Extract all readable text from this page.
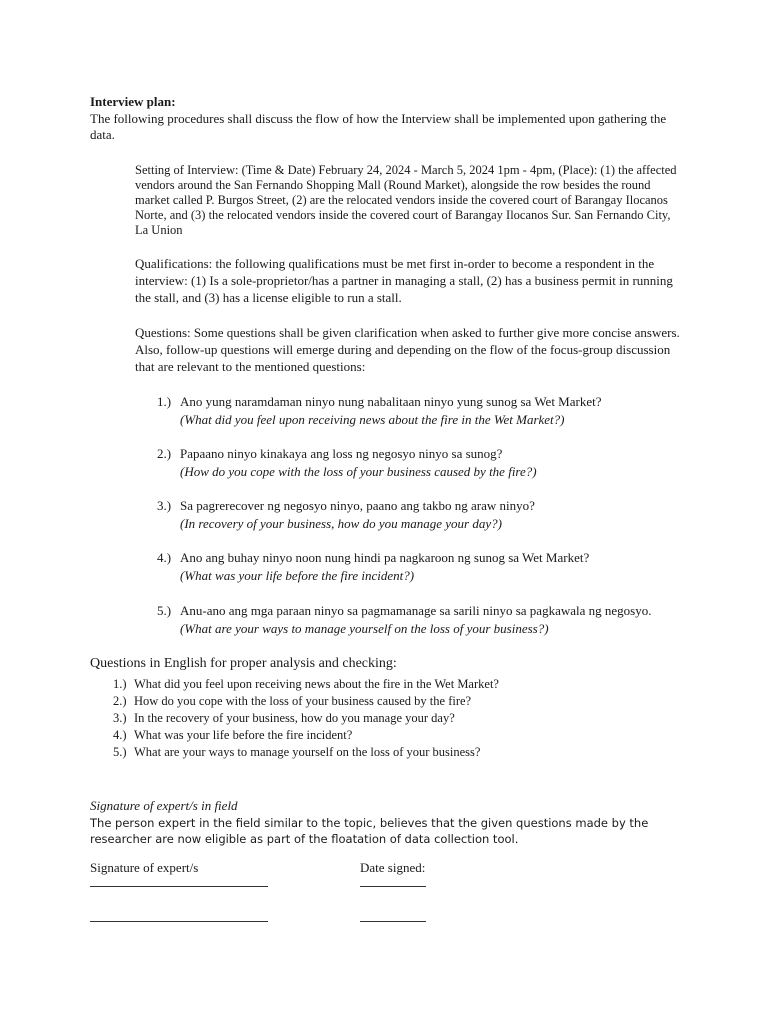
Interview plan:
The following procedures shall discuss the flow of how the Interview shall be implemented upon gathering the data.
Setting of Interview: (Time & Date) February 24, 2024 - March 5, 2024 1pm - 4pm, (Place): (1) the affected vendors around the San Fernando Shopping Mall (Round Market), alongside the row besides the round market called P. Burgos Street, (2) are the relocated vendors inside the covered court of Barangay Ilocanos Norte, and (3) the relocated vendors inside the covered court of Barangay Ilocanos Sur. San Fernando City, La Union
Qualifications: the following qualifications must be met first in-order to become a respondent in the interview: (1) Is a sole-proprietor/has a partner in managing a stall, (2) has a business permit in running the stall, and (3) has a license eligible to run a stall.
Questions: Some questions shall be given clarification when asked to further give more concise answers. Also, follow-up questions will emerge during and depending on the flow of the focus-group discussion that are relevant to the mentioned questions:
1.) Ano yung naramdaman ninyo nung nabalitaan ninyo yung sunog sa Wet Market?
(What did you feel upon receiving news about the fire in the Wet Market?)
2.) Papaano ninyo kinakaya ang loss ng negosyo ninyo sa sunog?
(How do you cope with the loss of your business caused by the fire?)
3.) Sa pagrerecover ng negosyo ninyo, paano ang takbo ng araw ninyo?
(In recovery of your business, how do you manage your day?)
4.) Ano ang buhay ninyo noon nung hindi pa nagkaroon ng sunog sa Wet Market?
(What was your life before the fire incident?)
5.) Anu-ano ang mga paraan ninyo sa pagmamanage sa sarili ninyo sa pagkawala ng negosyo.
(What are your ways to manage yourself on the loss of your business?)
Questions in English for proper analysis and checking:
1.) What did you feel upon receiving news about the fire in the Wet Market?
2.) How do you cope with the loss of your business caused by the fire?
3.) In the recovery of your business, how do you manage your day?
4.) What was your life before the fire incident?
5.) What are your ways to manage yourself on the loss of your business?
Signature of expert/s in field
The person expert in the field similar to the topic, believes that the given questions made by the researcher are now eligible as part of the floatation of data collection tool.
Signature of expert/s	Date signed:
